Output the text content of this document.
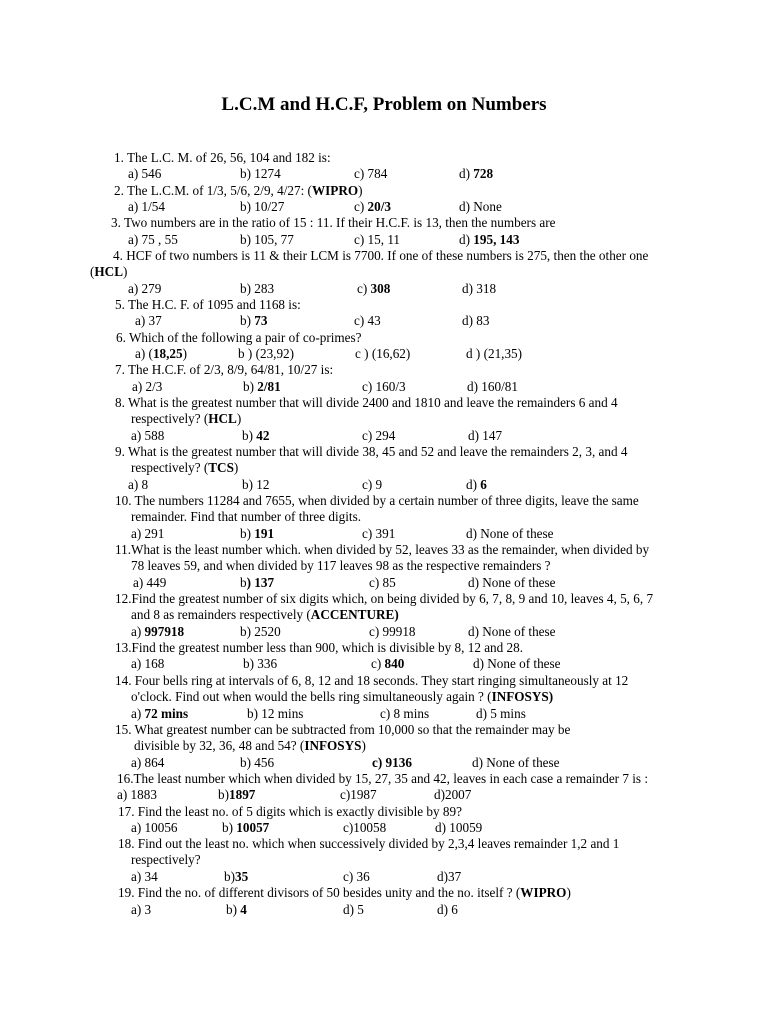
L.C.M and H.C.F, Problem on Numbers
1. The L.C. M. of 26, 56, 104 and 182 is:
a) 546	b) 1274	c) 784	d) 728
2. The L.C.M. of 1/3, 5/6, 2/9, 4/27: (WIPRO)
a) 1/54	b) 10/27	c) 20/3	d) None
3. Two numbers are in the ratio of 15 : 11. If their H.C.F. is 13, then the numbers are
a) 75 , 55	b) 105, 77	c) 15, 11	d) 195, 143
4. HCF of two numbers is 11 & their LCM is 7700. If one of these numbers is 275, then the other one
(HCL)
a) 279	b) 283	c) 308	d) 318
5. The H.C. F. of 1095 and 1168 is:
a) 37	b) 73	c) 43	d) 83
6. Which of the following a pair of co-primes?
a) (18,25)	b ) (23,92)	c ) (16,62)	d ) (21,35)
7. The H.C.F. of 2/3, 8/9, 64/81, 10/27 is:
a) 2/3	b) 2/81	c) 160/3	d) 160/81
8. What is the greatest number that will divide 2400 and 1810 and leave the remainders 6 and 4
respectively? (HCL)
a) 588	b) 42	c) 294	d) 147
9. What is the greatest number that will divide 38, 45 and 52 and leave the remainders 2, 3, and 4
respectively? (TCS)
a) 8	b) 12	c) 9	d) 6
10. The numbers 11284 and 7655, when divided by a certain number of three digits, leave the same
remainder. Find that number of three digits.
a) 291	b) 191	c) 391	d) None of these
11.What is the least number which. when divided by 52, leaves 33 as the remainder, when divided by
78 leaves 59, and when divided by 117 leaves 98 as the respective remainders ?
a) 449	b) 137	c) 85	d) None of these
12.Find the greatest number of six digits which, on being divided by 6, 7, 8, 9 and 10, leaves 4, 5, 6, 7
and 8 as remainders respectively (ACCENTURE)
a) 997918	b) 2520	c) 99918	d) None of these
13.Find the greatest number less than 900, which is divisible by 8, 12 and 28.
a) 168	b) 336	c) 840	d) None of these
14. Four bells ring at intervals of 6, 8, 12 and 18 seconds. They start ringing simultaneously at 12
o'clock. Find out when would the bells ring simultaneously again ? (INFOSYS)
a) 72 mins	b) 12 mins	c) 8 mins	d) 5 mins
15. What greatest number can be subtracted from 10,000 so that the remainder may be
divisible by 32, 36, 48 and 54? (INFOSYS)
a) 864	b) 456	c) 9136	d) None of these
16.The least number which when divided by 15, 27, 35 and 42, leaves in each case a remainder 7 is :
a) 1883	b)1897	c)1987	d)2007
17. Find the least no. of 5 digits which is exactly divisible by 89?
a) 10056	b) 10057	c)10058	d) 10059
18. Find out the least no. which when successively divided by 2,3,4 leaves remainder 1,2 and 1
respectively?
a) 34	b)35	c) 36	d)37
19. Find the no. of different divisors of 50 besides unity and the no. itself ? (WIPRO)
a) 3	b) 4	d) 5	d) 6
